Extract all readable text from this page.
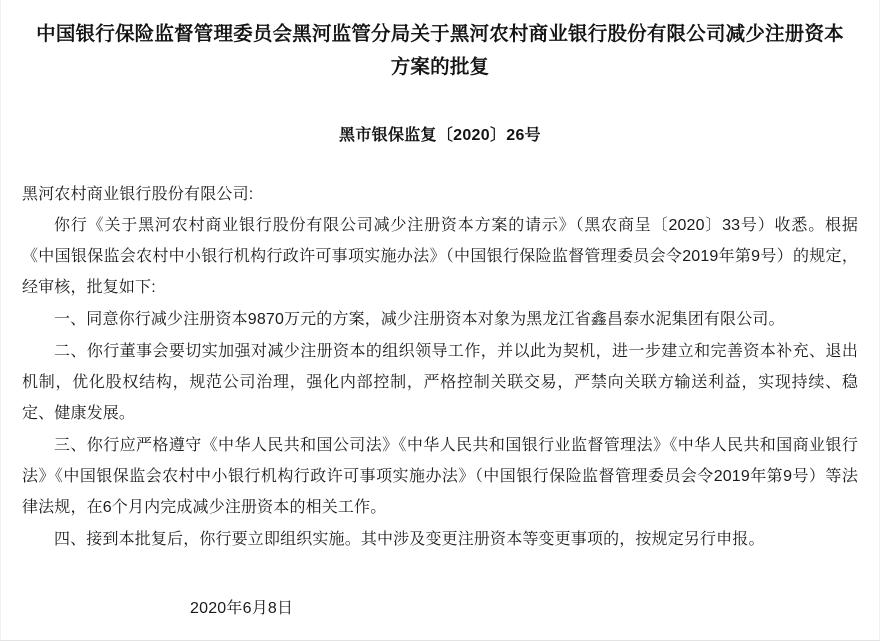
中国银行保险监督管理委员会黑河监管分局关于黑河农村商业银行股份有限公司减少注册资本方案的批复
黑市银保监复〔2020〕26号
黑河农村商业银行股份有限公司:

你行《关于黑河农村商业银行股份有限公司减少注册资本方案的请示》（黑农商呈〔2020〕33号）收悉。根据《中国银保监会农村中小银行机构行政许可事项实施办法》（中国银行保险监督管理委员会令2019年第9号）的规定，经审核，批复如下:

一、同意你行减少注册资本9870万元的方案，减少注册资本对象为黑龙江省鑫昌泰水泥集团有限公司。

二、你行董事会要切实加强对减少注册资本的组织领导工作，并以此为契机，进一步建立和完善资本补充、退出机制，优化股权结构，规范公司治理，强化内部控制，严格控制关联交易，严禁向关联方输送利益，实现持续、稳定、健康发展。

三、你行应严格遵守《中华人民共和国公司法》《中华人民共和国银行业监督管理法》《中华人民共和国商业银行法》《中国银保监会农村中小银行机构行政许可事项实施办法》（中国银行保险监督管理委员会令2019年第9号）等法律法规，在6个月内完成减少注册资本的相关工作。

四、接到本批复后，你行要立即组织实施。其中涉及变更注册资本等变更事项的，按规定另行申报。

2020年6月8日
